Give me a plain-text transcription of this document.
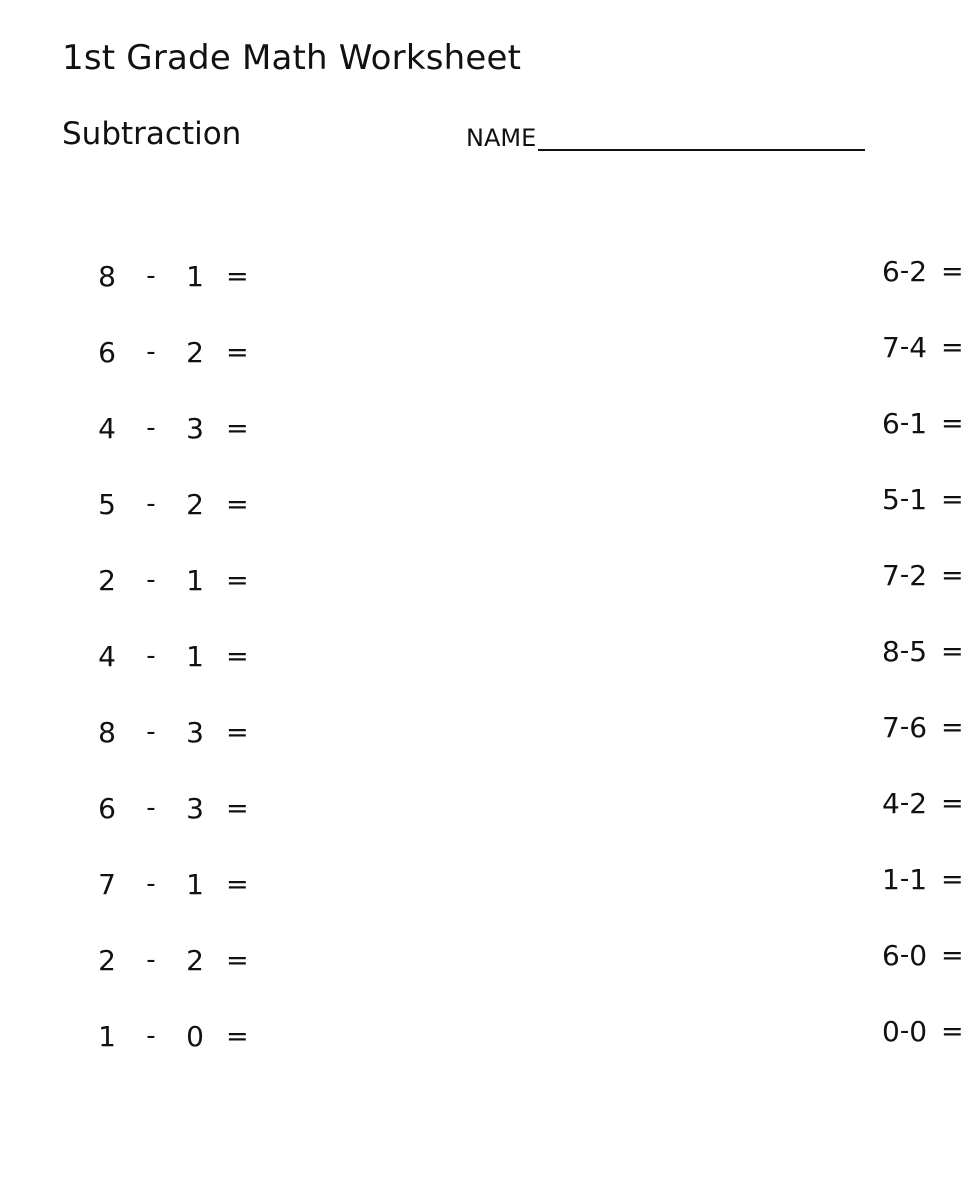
1st Grade Math Worksheet
Subtraction	NAME
8	-	1 =
6	-	2 =
4	-	3 =
5	-	2 =
2	-	1 =
4	-	1 =
8	-	3 =
6	-	3 =
7	-	1 =
2	-	2 =
1	-	0 =
6 - 2 =
7 - 4 =
6 - 1 =
5 - 1 =
7 - 2 =
8 - 5 =
7 - 6 =
4 - 2 =
1 - 1 =
6 - 0 =
0 - 0 =
